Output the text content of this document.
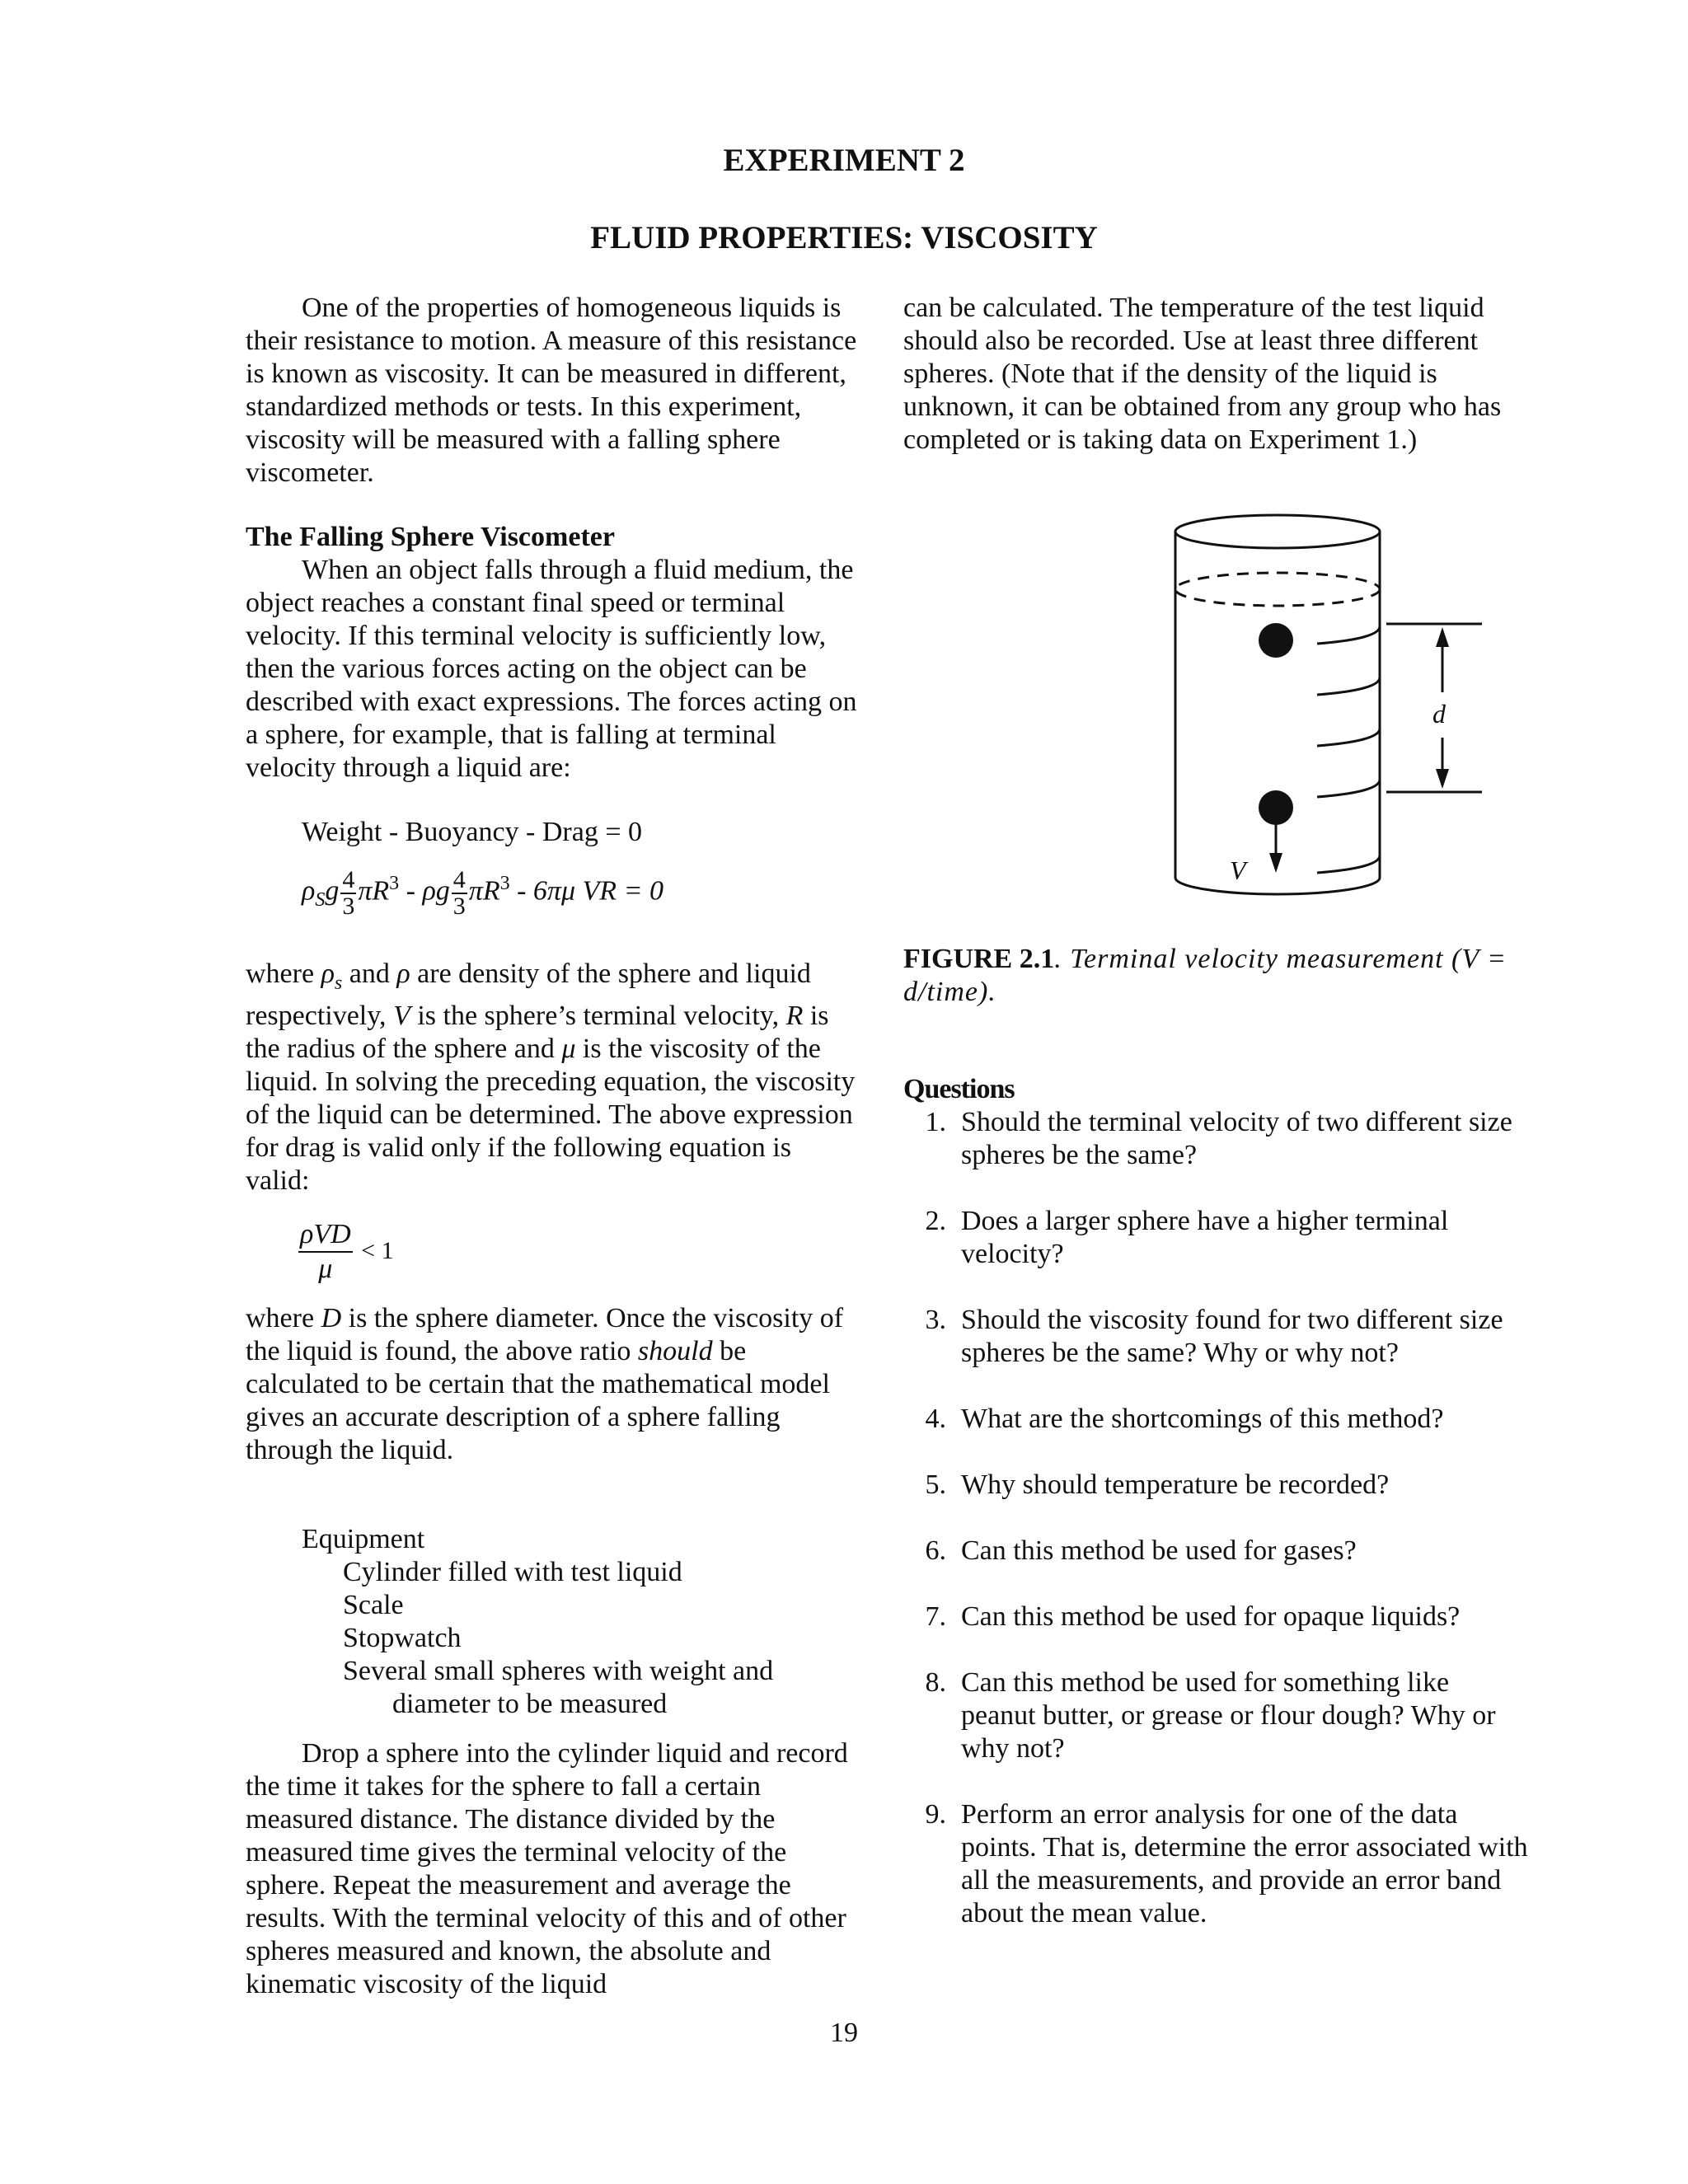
EXPERIMENT 2
FLUID PROPERTIES: VISCOSITY

One of the properties of homogeneous liquids is their resistance to motion. A measure of this resistance is known as viscosity. It can be measured in different, standardized methods or tests. In this experiment, viscosity will be measured with a falling sphere viscometer.

The Falling Sphere Viscometer

When an object falls through a fluid medium, the object reaches a constant final speed or terminal velocity. If this terminal velocity is sufficiently low, then the various forces acting on the object can be described with exact expressions. The forces acting on a sphere, for example, that is falling at terminal velocity through a liquid are:

Weight - Buoyancy - Drag = 0
$\rho_Sg \frac{4}{3} \pi R^3$ - ρg $\frac{4}{3} \pi R^3 - 6\pi\mu$ VR = 0

where $\rho_s$ and ρ are density of the sphere and liquid respectively, V is the sphere’s terminal velocity, R is the radius of the sphere and μ is the viscosity of the liquid. In solving the preceding equation, the viscosity of the liquid can be determined. The above expression for drag is valid only if the following equation is valid:

$\frac{\text{ρVD}}{\mu} < 1$

where D is the sphere diameter. Once the viscosity of the liquid is found, the above ratio should be calculated to be certain that the mathematical model gives an accurate description of a sphere falling through the liquid.

Equipment
Cylinder filled with test liquid
Scale
Stopwatch
Several small spheres with weight and
diameter to be measured

Drop a sphere into the cylinder liquid and record the time it takes for the sphere to fall a certain measured distance. The distance divided by the measured time gives the terminal velocity of the sphere. Repeat the measurement and average the results. With the terminal velocity of this and of other spheres measured and known, the absolute and kinematic viscosity of the liquid

can be calculated. The temperature of the test liquid should also be recorded. Use at least three different spheres. (Note that if the density of the liquid is unknown, it can be obtained from any group who has completed or is taking data on Experiment 1.)

V
d
FIGURE 2.1. Terminal velocity measurement (V = d/time).

Questions

1. Should the terminal velocity of two different size spheres be the same?
2. Does a larger sphere have a higher terminal velocity?
3. Should the viscosity found for two different size spheres be the same? Why or why not?
4. What are the shortcomings of this method?
5. Why should temperature be recorded?
6. Can this method be used for gases?
7. Can this method be used for opaque liquids?
8. Can this method be used for something like peanut butter, or grease or flour dough? Why or why not?
9. Perform an error analysis for one of the data points. That is, determine the error associated with all the measurements, and provide an error band about the mean value.
19
